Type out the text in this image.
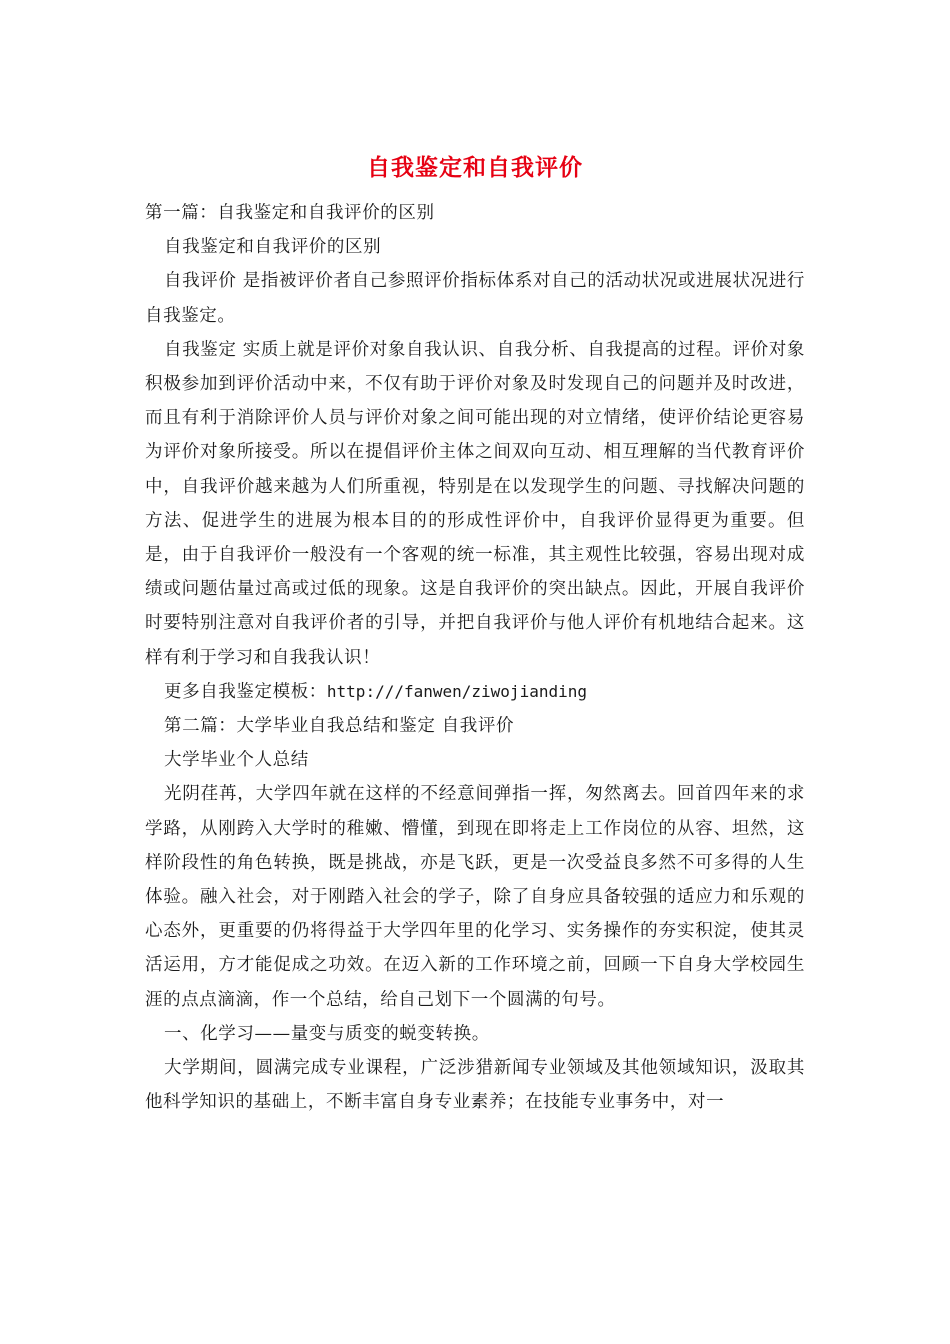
自我鉴定和自我评价

第一篇：自我鉴定和自我评价的区别

自我鉴定和自我评价的区别

自我评价 是指被评价者自己参照评价指标体系对自己的活动状况或进展状况进行自我鉴定。

自我鉴定 实质上就是评价对象自我认识、自我分析、自我提高的过程。评价对象积极参加到评价活动中来，不仅有助于评价对象及时发现自己的问题并及时改进，而且有利于消除评价人员与评价对象之间可能出现的对立情绪，使评价结论更容易为评价对象所接受。所以在提倡评价主体之间双向互动、相互理解的当代教育评价中，自我评价越来越为人们所重视，特别是在以发现学生的问题、寻找解决问题的方法、促进学生的进展为根本目的的形成性评价中，自我评价显得更为重要。但是，由于自我评价一般没有一个客观的统一标准，其主观性比较强，容易出现对成绩或问题估量过高或过低的现象。这是自我评价的突出缺点。因此，开展自我评价时要特别注意对自我评价者的引导，并把自我评价与他人评价有机地结合起来。这样有利于学习和自我我认识！

更多自我鉴定模板：http:///fanwen/ziwojianding

第二篇：大学毕业自我总结和鉴定 自我评价

大学毕业个人总结

光阴荏苒，大学四年就在这样的不经意间弹指一挥，匆然离去。回首四年来的求学路，从刚跨入大学时的稚嫩、懵懂，到现在即将走上工作岗位的从容、坦然，这样阶段性的角色转换，既是挑战，亦是飞跃，更是一次受益良多然不可多得的人生体验。融入社会，对于刚踏入社会的学子，除了自身应具备较强的适应力和乐观的心态外，更重要的仍将得益于大学四年里的化学习、实务操作的夯实积淀，使其灵活运用，方才能促成之功效。在迈入新的工作环境之前，回顾一下自身大学校园生涯的点点滴滴，作一个总结，给自己划下一个圆满的句号。

一、化学习——量变与质变的蜕变转换。

大学期间，圆满完成专业课程，广泛涉猎新闻专业领域及其他领域知识，汲取其他科学知识的基础上，不断丰富自身专业素养；在技能专业事务中，对一
